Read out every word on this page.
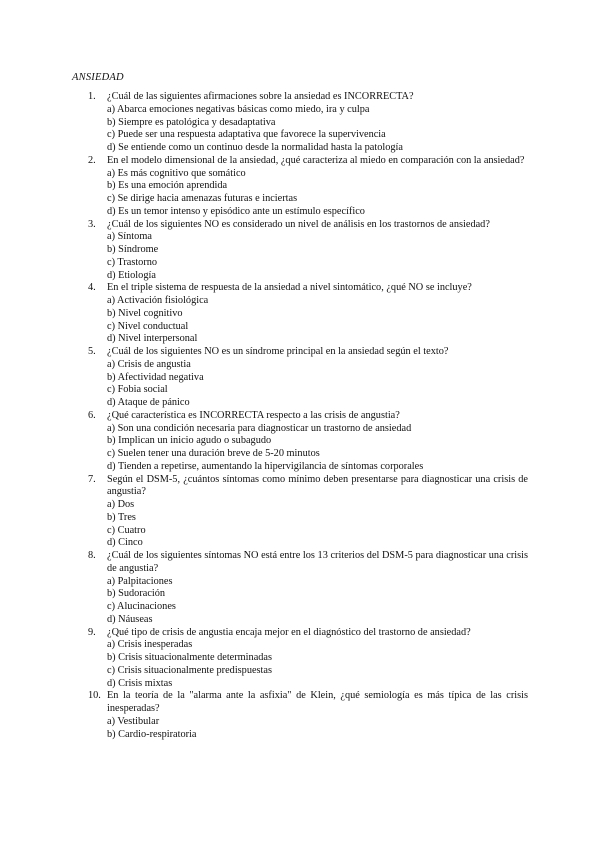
ANSIEDAD
1.	¿Cuál de las siguientes afirmaciones sobre la ansiedad es INCORRECTA?
a) Abarca emociones negativas básicas como miedo, ira y culpa
b) Siempre es patológica y desadaptativa
c) Puede ser una respuesta adaptativa que favorece la supervivencia
d) Se entiende como un continuo desde la normalidad hasta la patología
2.	En el modelo dimensional de la ansiedad, ¿qué caracteriza al miedo en comparación con la ansiedad?
a) Es más cognitivo que somático
b) Es una emoción aprendida
c) Se dirige hacia amenazas futuras e inciertas
d) Es un temor intenso y episódico ante un estímulo específico
3.	¿Cuál de los siguientes NO es considerado un nivel de análisis en los trastornos de ansiedad?
a) Síntoma
b) Síndrome
c) Trastorno
d) Etiología
4.	En el triple sistema de respuesta de la ansiedad a nivel sintomático, ¿qué NO se incluye?
a) Activación fisiológica
b) Nivel cognitivo
c) Nivel conductual
d) Nivel interpersonal
5.	¿Cuál de los siguientes NO es un síndrome principal en la ansiedad según el texto?
a) Crisis de angustia
b) Afectividad negativa
c) Fobia social
d) Ataque de pánico
6.	¿Qué característica es INCORRECTA respecto a las crisis de angustia?
a) Son una condición necesaria para diagnosticar un trastorno de ansiedad
b) Implican un inicio agudo o subagudo
c) Suelen tener una duración breve de 5-20 minutos
d) Tienden a repetirse, aumentando la hipervigilancia de síntomas corporales
7.	Según el DSM-5, ¿cuántos síntomas como mínimo deben presentarse para diagnosticar una crisis de angustia?
a) Dos
b) Tres
c) Cuatro
d) Cinco
8.	¿Cuál de los siguientes síntomas NO está entre los 13 criterios del DSM-5 para diagnosticar una crisis de angustia?
a) Palpitaciones
b) Sudoración
c) Alucinaciones
d) Náuseas
9.	¿Qué tipo de crisis de angustia encaja mejor en el diagnóstico del trastorno de ansiedad?
a) Crisis inesperadas
b) Crisis situacionalmente determinadas
c) Crisis situacionalmente predispuestas
d) Crisis mixtas
10. En la teoría de la "alarma ante la asfixia" de Klein, ¿qué semiología es más típica de las crisis inesperadas?
a) Vestibular
b) Cardio-respiratoria
